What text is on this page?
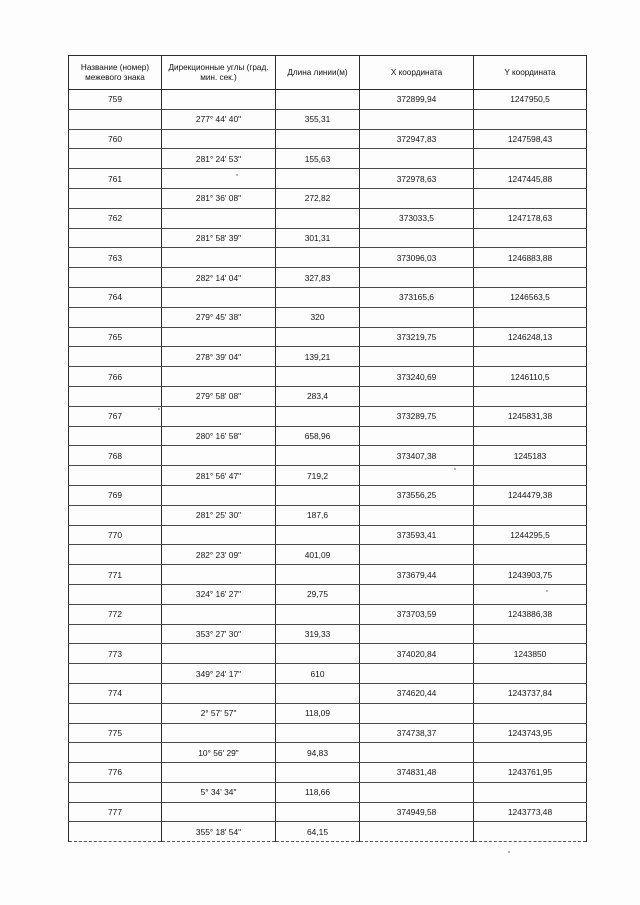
Название (номер) межевого знака	Дирекционные углы (град. мин. сек.)	Длина линии(м)	X координата	Y координата
759			372899,94	1247950,5
	277° 44' 40"	355,31		
760			372947,83	1247598,43
	281° 24' 53"	155,63		
761			372978,63	1247445,88
	281° 36' 08"	272,82		
762			373033,5	1247178,63
	281° 58' 39"	301,31		
763			373096,03	1246883,88
	282° 14' 04"	327,83		
764			373165,6	1246563,5
	279° 45' 38"	320		
765			373219,75	1246248,13
	278° 39' 04"	139,21		
766			373240,69	1246110,5
	279° 58' 08"	283,4		
767			373289,75	1245831,38
	280° 16' 58"	658,96		
768			373407,38	1245183
	281° 56' 47"	719,2		
769			373556,25	1244479,38
	281° 25' 30"	187,6		
770			373593,41	1244295,5
	282° 23' 09"	401,09		
771			373679,44	1243903,75
	324° 16' 27"	29,75		
772			373703,59	1243886,38
	353° 27' 30"	319,33		
773			374020,84	1243850
	349° 24' 17"	610		
774			374620,44	1243737,84
	2° 57' 57"	118,09		
775			374738,37	1243743,95
	10° 56' 29"	94,83		
776			374831,48	1243761,95
	5° 34' 34"	118,66		
777			374949,58	1243773,48
	355° 18' 54"	64,15		
